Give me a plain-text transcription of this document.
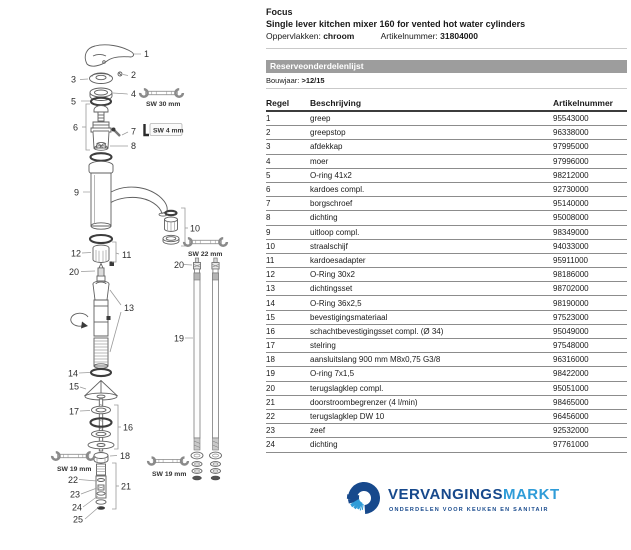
1
2
3
4
SW 30 mm
5
6	7 SW 4 mm
8
9
10
SW 22 mm
12	11
20
13
20
19
SW 19 mm
14
15
17
16
18
SW 19 mm
21
22
23
24
25
Focus
Single lever kitchen mixer 160 for vented hot water cylinders
Oppervlakken: chroom	Artikelnummer: 31804000
Reserveonderdelenlijst
Bouwjaar: >12/15
Regel	Beschrijving	Artikelnummer
1	greep	95543000
2	greepstop	96338000
3	afdekkap	97995000
4	moer	97996000
5	O-ring 41x2	98212000
6	kardoes compl.	92730000
7	borgschroef	95140000
8	dichting	95008000
9	uitloop compl.	98349000
10	straalschijf	94033000
11	kardoesadapter	95911000
12	O-Ring 30x2	98186000
13	dichtingsset	98702000
14	O-Ring 36x2,5	98190000
15	bevestigingsmateriaal	97523000
16	schachtbevestigingsset compl. (Ø 34)	95049000
17	stelring	97548000
18	aansluitslang 900 mm M8x0,75 G3/8	96316000
19	O-ring 7x1,5	98422000
20	terugslagklep compl.	95051000
21	doorstroombegrenzer (4 l/min)	98465000
22	terugslagklep DW 10	96456000
23	zeef	92532000
24	dichting	97761000
VERVANGINGSMARKT
ONDERDELEN VOOR KEUKEN EN SANITAIR
